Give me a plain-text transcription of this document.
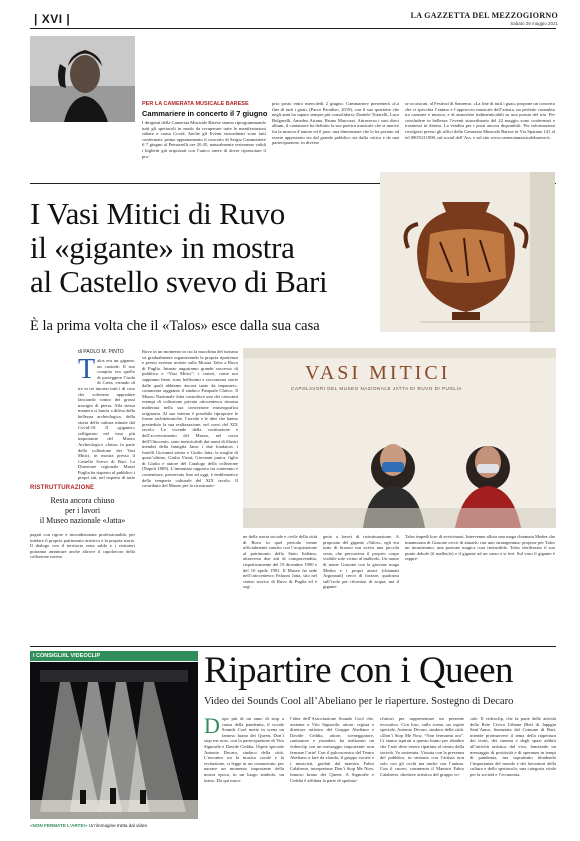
| XVI |	LA GAZZETTA DEL MEZZOGIORNO
Sabato 29 maggio 2021
PER LA CAMERATA MUSICALE BARESE
Cammariere in concerto il 7 giugno
I dirigenti della Camerata Musicale Barese stanno riprogrammando tutti gli spettacoli in modo da recuperare tutte le manifestazioni saltate a causa Covid. Anche gli Eventi straordinari sono tutti confermati: primo appuntamento il concerto di Sergio Cammariere il 7 giugno al Petruzzelli ore 20.45, naturalmente resteranno validi i biglietti già acquistati con l’unico onere di dover riprenotare il pro-
prio posto entro mercoledì 2 giugno. Cammariere presenterà «La fine di tutti i guai» (Parco Paradiso, 2019), con il suo quartetto che negli anni ha saputo sempre più consolidarsi: Daniele Tittarelli, Luca Bulgarelli, Amedeo Ariano, Bruno Marcozzi. Attraverso i suoi dieci album, il cantautore ha definito la sua poetica musicale che si muove fra la musica d’autore ed il jazz: una dimensione che lo ha portato ad essere apprezzato sia dal grande pubblico sia dalla critica e da una partecipazione, in diverse
se occasioni, al Festival di Sanremo. «La fine di tutti i guai» propone un concerto che ci specchia l’animo e l’approccio musicale dell’artista, un perfetto connubio tra canzone e musica, e di atmosfere indimenticabili su una poesia del trio. Per concludere in bellezza l’eventi straordinario del 22 maggio sono confermati e trasmessi in diretta. La vendita per i posti ancora disponibili. Per informazioni rivolgersi presso gli uffici della Camerata Musicale Barese in Via Sparano 141 al tel 080/5211908, sul social dell’Ass. e sul sito www.cameratamusicalebarese.it.
I Vasi Mitici di Ruvo
il «gigante» in mostra
al Castello svevo di Bari
È la prima volta che il «Talos» esce dalla sua casa
di PAOLO M. PINTO
Talos era un gigante, un custode. Il suo compito era quello di proteggere l’isola di Creta, errando di tre in tre intorno tutti i di cose che volevano approdare lanciando contro dei grossi macigni di pietra. Alla stessa maniera si lancia a difesa della bellezza archeologica, della storia della cultura minate dal Covid-19. Il «gigante» raffigurato nel vaso più importante del Museo Archeologico «Jatta» fa parte della collezione dei Vasi Mitici, in mostra presso il Castello Svevo di Bari. La Direzione regionale Musei Puglia ha riaperto al pubblico i propri siti, nel rispetto di tutte
RISTRUTTURAZIONE
Resta ancora chiuso
per i lavori
il Museo nazionale «Jatta»
pagati con rigore e incondizionata professionalità, per tutelare il proprio patrimonio artistico e la propria storia. Il dialogo con il territorio resta saldo e i visitatori potranno ammirare anche altrove il capolavoro della collezione ruvese.
Ruvo in un momento in cui la macchina del turismo va gradualmente organizzando la propria ripartenza e presto avremo notizie sulla Mostra Talos a Ruvo di Puglia. Intanto auguriamo grande successo di pubblico a “Vasi Mitici”: i crateri, come noi sappiamo bene, sono bellissimi e raccontano storie dalle quali abbiamo ancora tanto da imparare», commenta raggiante il sindaco Pasquale Chieco. Il Museo Nazionale Jatta custodisce uno dei carissimi esempi di collezione privata ottocentesca rimasta inalterata nella sua concezione museografica originaria. Al suo interno è possibile riproporre le forme architettoniche, l’arredo e le idee che hanno presieduto la sua realizzazione, nel corso del XIX secolo. Le vicende della costituzione e dell’accrescimento del Museo, nel corso dell’Ottocento, sono inestricabili dai nomi di illustri membri della famiglia Jatta: i due fondatori, i fratelli Giovanni senior e Giulio Jatta; la moglie di quest’ultimo, Giulia Viesti; Giovanni junior, figlio di Giulio e autore del Catalogo della collezione (Napoli 1869). L’immutato rapporto tra contenuto e contenitore, preservato fino ad oggi, è emblematico della temperie culturale del XIX secolo. Il contributo del Museo per la ricostruzio-
VASI MITICI
CAPOLAVORI DEL MUSEO NAZIONALE JATTA DI RUVO DI PUGLIA
ne della storia sociale e civile della città di Ruvo in quel periodo venne ufficialmente sancito con l’acquisizione al patrimonio dello Stato Italiano, attraverso due atti di compravendita, rispettivamente del 19 dicembre 1990 e del 10 aprile 1991. Il Museo ha sede nell’ottocentesco Palazzo Jatta, sito nel centro storico di Ruvo di Puglia ed è sog-
getto a lavori di ristrutturazione. A proposito del gigante «Talos», egli era tutto di bronzo ma aveva una piccola vena, che percorreva il proprio corpo visibile sole vicino al malleolo. Un uomo di nome Giasone con la giovane maga Medea e i propri amici (chiamati Argonauti) cercò di forzare, qualcuno sull’isola per rifornirsi di acqua, ma il gigante
Talos impedì loro di avvicinarsi. Intervenne allora una maga chiamata Medea che innamorata di Giasone cercò di aiutarlo con uno stratagemma: propose per Talos un incantesimo, una pozione magica cura invincibile. Talos sterilizzato il suo punto debole (il malleolo) e il gigante ad un sasso e si ferì. Sul vaso il gigante è rappre-
I CONSIGLI/IL VIDEOCLIP
«NON FERMATE L’ARTE!» Un’immagine tratta dal video
Ripartire con i Queen
Video dei Sounds Cool all’Abeliano per le riaperture. Sostegno di Decaro
Dopo più di un anno di stop a causa della pandemia, il vocale Sounds Cool mette in scena un famoso brano dei Queen, Don’t stop me now, con la partecipazione di Vito Signorile e Davide Ceddia. Ospite speciale Antonio Decaro, sindaco della città. L’incontro tra la musica corale e la recitazione, si legge in un comunicato, per narrare un momento importante della nostra epoca, in un luogo simbolo, un teatro. Da qui nasce
l’idea dell’Associazione Sounds Cool che, assieme a Vito Signorile, attore, regista e direttore artistico del Gruppo Abeliano e Davide Ceddia, attore, sceneggiatore, cantautore e youtuber, ha realizzato un videoclip con un messaggio importante: non fermate l’arte! Con il palcoscenico del Teatro Abeliano a fare da sfondo, il gruppo vocale e i musicisti, guidati dal maestro Fabio Calabrese, interpretano Don’t Stop Me Now, famoso brano dei Queen. A Signorile e Ceddia è affidata la parte di spettato-
ri/attori per rappresentare un presente evocativo. Con loro, sulla scena, un ospite speciale, Antonio Decaro, sindaco della città. «Don’t Stop Me Now, “Non fermarmi ora”. Ci siamo ispirati a questo brano per ribadire che l’arte deve essere ripartata al centro della società. Va sostenuta. Vissuta con la presenza del pubblico, in sintonia con l’artista non solo con gli occhi ma anche con l’anima. Con il cuore» commenta il Maestro Fabio Calabrese, direttore artistico del gruppo vo-
cale. Il videoclip, che fa parte delle attività della Rete Civica Urbana (Reti di Jappgia Sant’Anna, finanziata dal Comune di Bari, intende promuovere il tema della riapertura dei teatri, dei cinema e degli spazi adibiti all’attività artistica dal vivo, lanciando un messaggio di positività e di speranza in tempi di pandemia, ma soprattutto ribadendo l’importanza del mondo e dei lavoratori della cultura e dello spettacolo, una categoria vitale per la società e l’economia.
